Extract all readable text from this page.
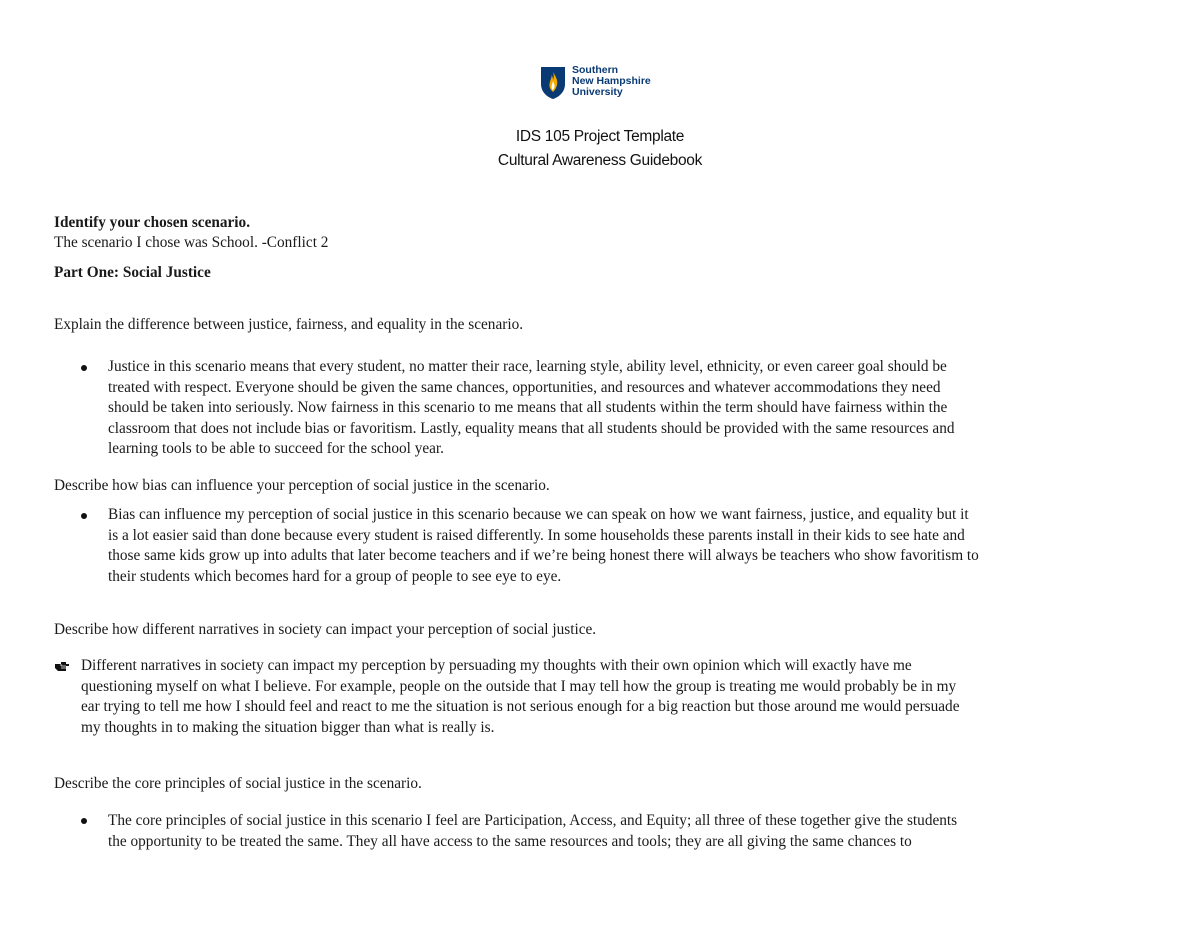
Southern
New Hampshire
University
IDS 105 Project Template
Cultural Awareness Guidebook
Identify your chosen scenario.
The scenario I chose was School. -Conflict 2
Part One: Social Justice
Explain the difference between justice, fairness, and equality in the scenario.
Justice in this scenario means that every student, no matter their race, learning style, ability level, ethnicity, or even career goal should be
treated with respect. Everyone should be given the same chances, opportunities, and resources and whatever accommodations they need
should be taken into seriously. Now fairness in this scenario to me means that all students within the term should have fairness within the
classroom that does not include bias or favoritism. Lastly, equality means that all students should be provided with the same resources and
learning tools to be able to succeed for the school year.
Describe how bias can influence your perception of social justice in the scenario.
Bias can influence my perception of social justice in this scenario because we can speak on how we want fairness, justice, and equality but it
is a lot easier said than done because every student is raised differently. In some households these parents install in their kids to see hate and
those same kids grow up into adults that later become teachers and if we’re being honest there will always be teachers who show favoritism to
their students which becomes hard for a group of people to see eye to eye.
Describe how different narratives in society can impact your perception of social justice.
Different narratives in society can impact my perception by persuading my thoughts with their own opinion which will exactly have me
questioning myself on what I believe. For example, people on the outside that I may tell how the group is treating me would probably be in my
ear trying to tell me how I should feel and react to me the situation is not serious enough for a big reaction but those around me would persuade
my thoughts in to making the situation bigger than what is really is.
Describe the core principles of social justice in the scenario.
The core principles of social justice in this scenario I feel are Participation, Access, and Equity; all three of these together give the students
the opportunity to be treated the same. They all have access to the same resources and tools; they are all giving the same chances to
